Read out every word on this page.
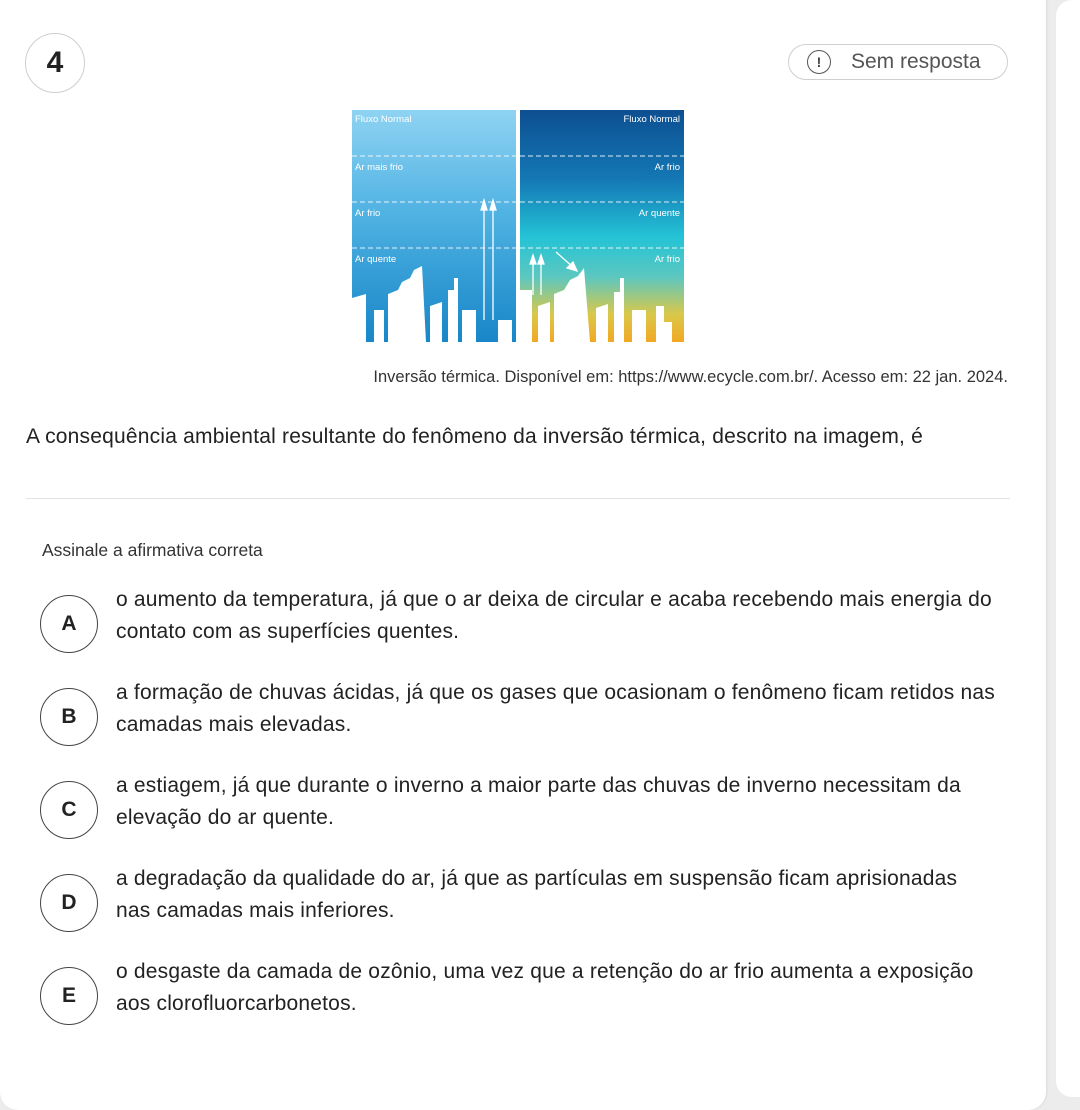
4	!	Sem resposta
Fluxo Normal
Ar mais frio
Ar frio
Ar quente
Fluxo Normal
Ar frio
Ar quente
Ar frio
Inversão térmica. Disponível em: https://www.ecycle.com.br/. Acesso em: 22 jan. 2024.
A consequência ambiental resultante do fenômeno da inversão térmica, descrito na imagem, é
Assinale a afirmativa correta
A
o aumento da temperatura, já que o ar deixa de circular e acaba recebendo mais energia do contato com as superfícies quentes.
B
a formação de chuvas ácidas, já que os gases que ocasionam o fenômeno ficam retidos nas camadas mais elevadas.
C
a estiagem, já que durante o inverno a maior parte das chuvas de inverno necessitam da elevação do ar quente.
D
a degradação da qualidade do ar, já que as partículas em suspensão ficam aprisionadas nas camadas mais inferiores.
E
o desgaste da camada de ozônio, uma vez que a retenção do ar frio aumenta a exposição aos clorofluorcarbonetos.
